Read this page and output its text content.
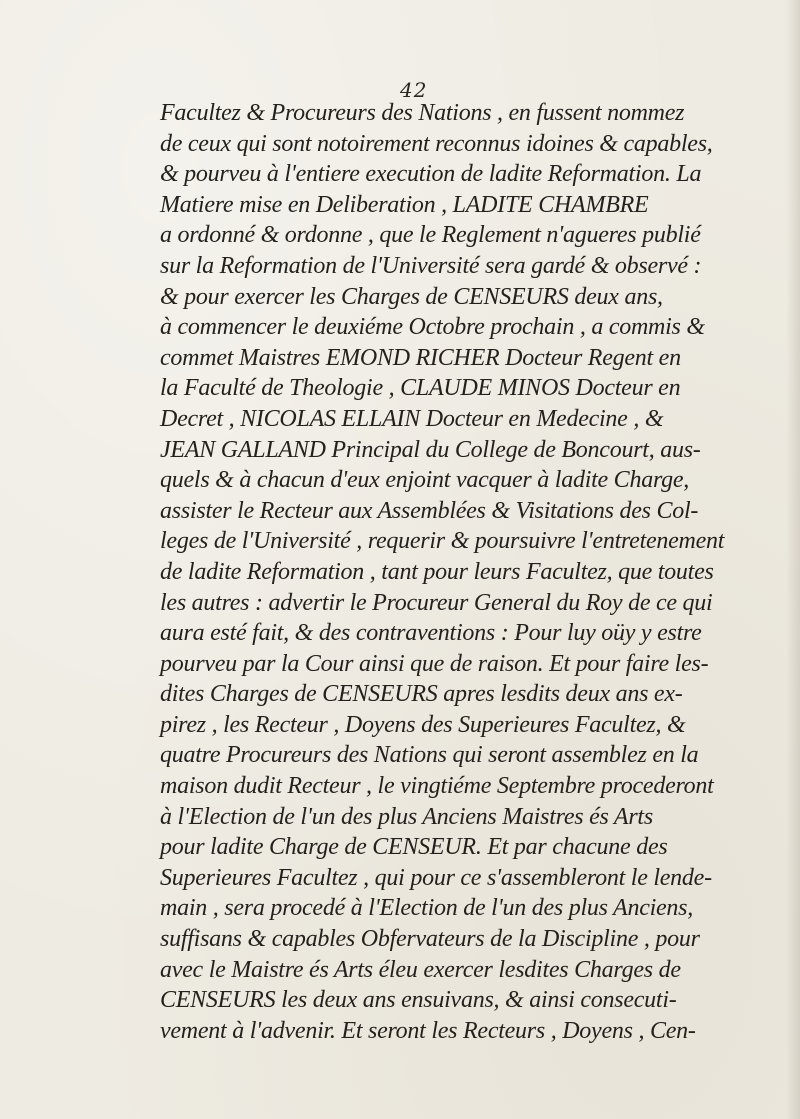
42
Facultez & Procureurs des Nations , en fussent nommez
de ceux qui sont notoirement reconnus idoines & capables,
& pourveu à l'entiere execution de ladite Reformation. La
Matiere mise en Deliberation , LADITE CHAMBRE
a ordonné & ordonne , que le Reglement n'agueres publié
sur la Reformation de l'Université sera gardé & observé :
& pour exercer les Charges de CENSEURS deux ans,
à commencer le deuxiéme Octobre prochain , a commis &
commet Maistres EMOND RICHER Docteur Regent en
la Faculté de Theologie , CLAUDE MINOS Docteur en
Decret , NICOLAS ELLAIN Docteur en Medecine , &
JEAN GALLAND Principal du College de Boncourt, aus-
quels & à chacun d'eux enjoint vacquer à ladite Charge,
assister le Recteur aux Assemblées & Visitations des Col-
leges de l'Université , requerir & poursuivre l'entretenement
de ladite Reformation , tant pour leurs Facultez, que toutes
les autres : advertir le Procureur General du Roy de ce qui
aura esté fait, & des contraventions : Pour luy oüy y estre
pourveu par la Cour ainsi que de raison. Et pour faire les-
dites Charges de CENSEURS apres lesdits deux ans ex-
pirez , les Recteur , Doyens des Superieures Facultez, &
quatre Procureurs des Nations qui seront assemblez en la
maison dudit Recteur , le vingtiéme Septembre procederont
à l'Election de l'un des plus Anciens Maistres és Arts
pour ladite Charge de CENSEUR. Et par chacune des
Superieures Facultez , qui pour ce s'assembleront le lende-
main , sera procedé à l'Election de l'un des plus Anciens,
suffisans & capables Obfervateurs de la Discipline , pour
avec le Maistre és Arts éleu exercer lesdites Charges de
CENSEURS les deux ans ensuivans, & ainsi consecuti-
vement à l'advenir. Et seront les Recteurs , Doyens , Cen-
